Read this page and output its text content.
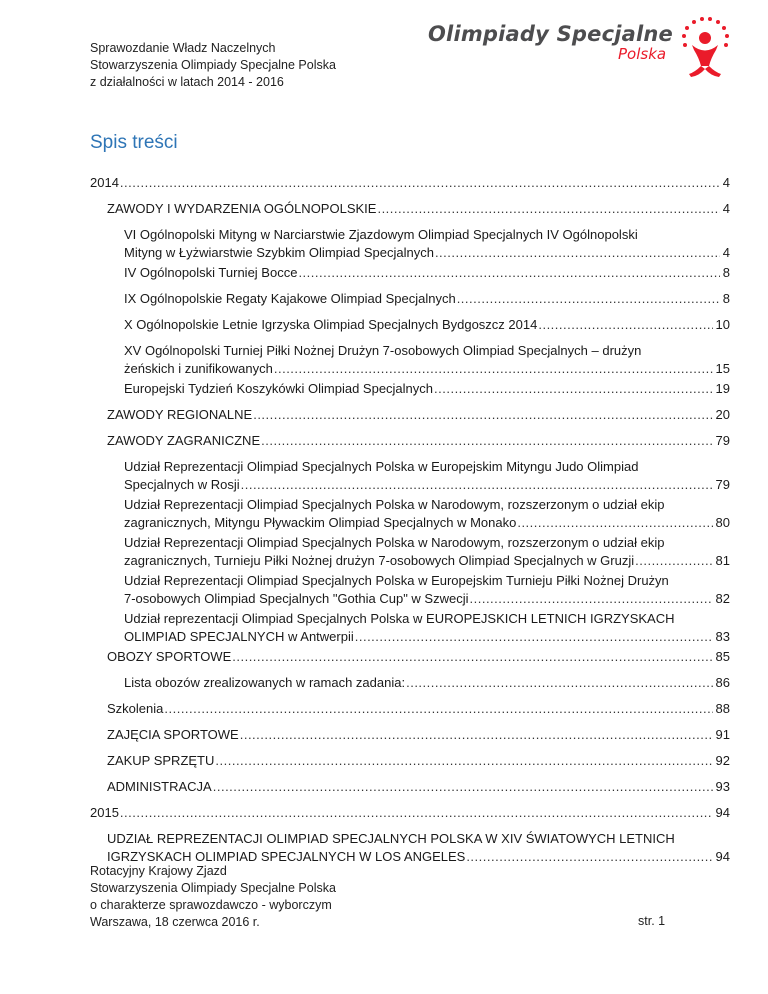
Sprawozdanie Władz Naczelnych
Stowarzyszenia Olimpiady Specjalne Polska
z działalności w latach 2014 - 2016
Olimpiady Specjalne
Polska
Spis treści
2014 .....	4
ZAWODY I WYDARZENIA OGÓLNOPOLSKIE .....	4
VI Ogólnopolski Mityng w Narciarstwie Zjazdowym Olimpiad Specjalnych IV Ogólnopolski
Mityng w Łyżwiarstwie Szybkim Olimpiad Specjalnych .....	4
IV Ogólnopolski Turniej Bocce .....	8
IX Ogólnopolskie Regaty Kajakowe Olimpiad Specjalnych .....	8
X Ogólnopolskie Letnie Igrzyska Olimpiad Specjalnych Bydgoszcz 2014 .....	10
XV Ogólnopolski Turniej Piłki Nożnej Drużyn 7-osobowych Olimpiad Specjalnych – drużyn
żeńskich i zunifikowanych .....	15
Europejski Tydzień Koszykówki Olimpiad Specjalnych .....	19
ZAWODY REGIONALNE .....	20
ZAWODY ZAGRANICZNE .....	79
Udział Reprezentacji Olimpiad Specjalnych Polska w Europejskim Mityngu Judo Olimpiad
Specjalnych w Rosji .....	79
Udział Reprezentacji Olimpiad Specjalnych Polska w Narodowym, rozszerzonym o udział ekip
zagranicznych, Mityngu Pływackim Olimpiad Specjalnych w Monako .....	80
Udział Reprezentacji Olimpiad Specjalnych Polska w Narodowym, rozszerzonym o udział ekip
zagranicznych, Turnieju Piłki Nożnej drużyn 7-osobowych Olimpiad Specjalnych w Gruzji .....	81
Udział Reprezentacji Olimpiad Specjalnych Polska w Europejskim Turnieju Piłki Nożnej Drużyn
7-osobowych Olimpiad Specjalnych "Gothia Cup" w Szwecji .....	82
Udział reprezentacji Olimpiad Specjalnych Polska w EUROPEJSKICH LETNICH IGRZYSKACH
OLIMPIAD SPECJALNYCH w Antwerpii .....	83
OBOZY SPORTOWE .....	85
Lista obozów zrealizowanych w ramach zadania: .....	86
Szkolenia .....	88
ZAJĘCIA SPORTOWE .....	91
ZAKUP SPRZĘTU .....	92
ADMINISTRACJA .....	93
2015 .....	94
UDZIAŁ REPREZENTACJI OLIMPIAD SPECJALNYCH POLSKA W XIV ŚWIATOWYCH LETNICH
IGRZYSKACH OLIMPIAD SPECJALNYCH W LOS ANGELES .....	94
Rotacyjny Krajowy Zjazd
Stowarzyszenia Olimpiady Specjalne Polska
o charakterze sprawozdawczo - wyborczym
Warszawa, 18 czerwca 2016 r.	str. 1
